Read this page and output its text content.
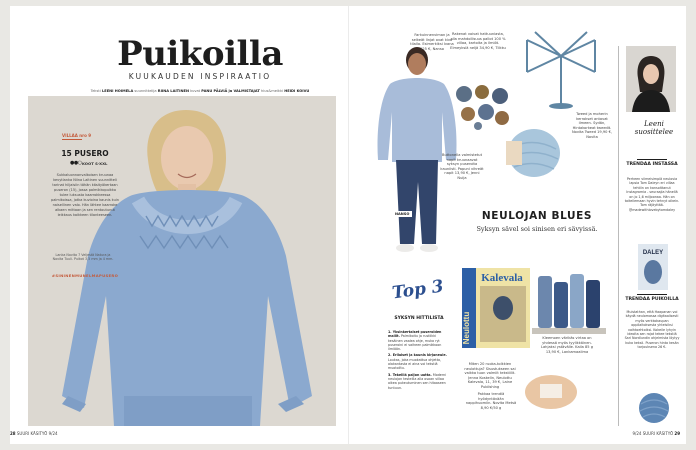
Puikoilla
KUUKAUDEN INSPIRAATIO
Teksti LEENI HOIMELA suunnittelija RIINA LAITINEN kuvat PANU PÄLVIÄ ja VALMISTAJAT hius&meikki HEIDI KOIVU
VILLAA nro 9
15 PUSERO
●●○ KOOT S-XXL
Sukkaluonnonvalkoisen kruunaa kevytlanka Niina Laitinen suunnitteli tarinat hiljaisiin tähän käsityökertaan puseron (15), jossa palmikkopuikko tulee luksusta kaarrokkeessa palmikoissa, jotka kuvioina kaunis kuin naisellinen valo. Hän lähtee kaarroke alkaen mittaan ja sen rentoutunut leikkaus kaikkeen tilanteeseen.
Lanka Novita 7 Veljestä Natura ja Novita Tuuli. Puikot 3,5 mm ja 4 mm.
#SININENMUNELMAPUSERO
28 SUURI KÄSITYÖ 9/24
NANSO
Farkuinnenviman ja selkeät linjat ovat kiva tilalla. Esimerkiksi Ivana 125 €, Nanso
Rakenat voivat hattuuniasta, alla mahdollisuus pallot 100 % villaa, kartoita ja ilmiöt. Elmeyksiä neljä 34,90 €, Tilkku
Tweed ja moherin kerrokset antavat ilmeen. Sydän, Hintakorkeat tweedit. Novita Tweed 19,90 €, Novita
Buttonella valmistetut napit kruunaavat syksyn puseroita kauniisti. Papuni vihreät napit 13,90 €, Jenni Nuija
NEULOJAN BLUES
Syksyn sävel soi sinisen eri sävyissä.
Top 3
SYKSYN HITTILISTA

1. Yksinkertaiset puseroiden mallit. Palmikoitu ja rustiikki kesäinen vaalea ohje, muka ryt puseroini ei vaiheen palmikkoon ilmiöön.

2. Erilaiset ja kaunis kirjaneule. Loukas, joka muokattua ohjetta, alakantasta ei aina voi tekstiä muotoiltu.

3. Tekeillä paljon uutta. Moderni neulojan testeilla alla osaan villaa oikea pukeutuminen sen hitaaseen tuntuun.

Kalevala
Neulottu
Miten 20 ruoka-tolkkien neulottuja? Sisustukseen sai vaikka tuon valmiit tekstiilit. Jenna Koskelin, Neulottu Kalevala, 11, 39 €, Laine Publishing
Kleemoen värikäs virtaa on yhdessä myös tyylikkäinen. Lahjaksi ystävälle. Kaila 85 g 13,90 €, Lankamaailma
Pakkaa trendiä hyödyntävään nappihuomiin. Novita Metsä 8,90 €/50 g
Leeni suosittelee
TRENDAA INSTASSA
Perheen viimeisimpiä neulovia lapsia Tom Daleyn eri villaa tehtiin on kansoittanut Instagramia - seuraajia hänellä on jo 1,6 miljoonaa. Hän on taiteilemaan hyvin tehnyt oikein. Tom räjäyttää. @madewithlovebytomdaley
DALEY
TRENDAA PUIKOILLA
Muistathan, että Haapanan voi käydä neulomassa digitaalisesti myös verkkokaupan oppilaitoksesta yhteisiksi vaihtoehtoiksi. Kokeile lyhyin ideoita sen rajat tekee tekstiä Sari Nordlundin ohjelmista löytyy kuka keksii. Puseron hinta kesän tarjouksena 26 €.
9/24 SUURI KÄSITYÖ 29
